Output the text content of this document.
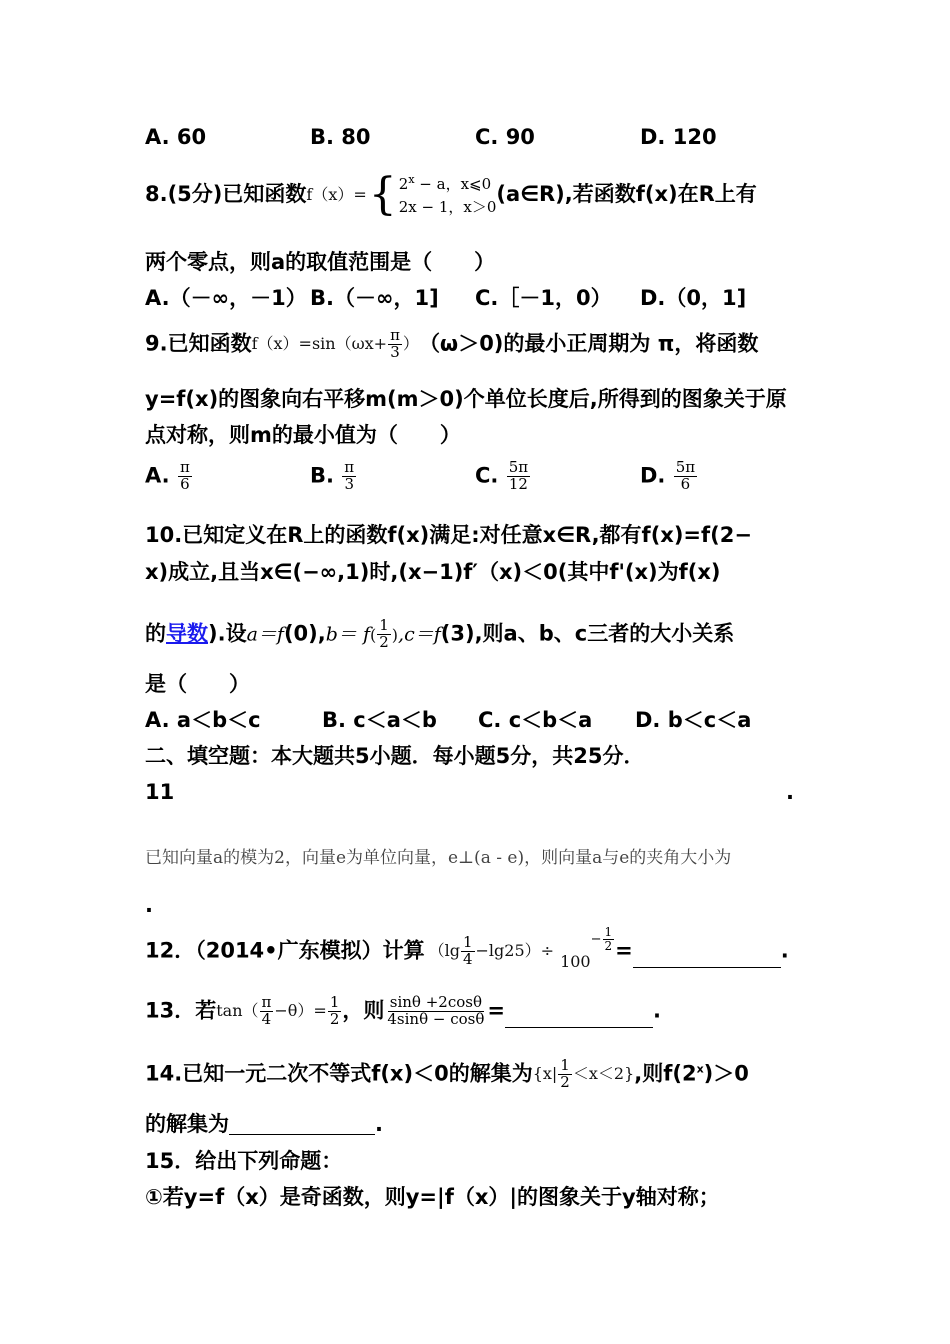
A. 60	B. 80	C. 90	D. 120
8.(5分)已知函数f（x）={ $2^x - a$，x⩽0
2x − 1，x＞0
(a∈R),若函数f(x)在R上有
两个零点，则a的取值范围是（　　）
A.（－∞，－1） B.（－∞，1] C.［－1，0） D.（0，1]
9.已知函数$f(x)=\sin(\omega x+ \frac{\pi}{3} )(\omega>0)$的最小正周期为 π，将函数
y=f(x)的图象向右平移m(m＞0)个单位长度后,所得到的图象关于原
点对称，则m的最小值为（　　）
A. $\frac{\pi}{6}$	B. $\frac{\pi}{3}$	C. $\frac{5\pi}{12}$	D. $\frac{5\pi}{6}$
10.已知定义在R上的函数f(x)满足:对任意x∈R,都有f(x)=f(2−
x)成立,且当x∈(−∞,1)时,(x−1)f′（x)＜0(其中f'(x)为f(x)
的导数).设$a=f(0),b= f( \frac{1}{2} ),c=f(3)$,则a、b、c三者的大小关系
是（　　）
A. a＜b＜c	B. c＜a＜b C. c＜b＜a D. b＜c＜a
二、填空题：本大题共5小题．每小题5分，共25分．
11	.
已知向量a的模为2，向量e为单位向量，e⊥(a - e)，则向量a与e的夹角大小为
.
12．（2014•广东模拟）计算 $(\lg \frac{1}{4} -\lg 25)\div_{100}^{- \frac{1}{2}}$ =	.
13．若$\tan( \frac{\pi}{4} -\theta)= \frac{1}{2}$ ，则 $\frac{\sin\theta +2\cos\theta}{4\sin\theta - \cos\theta}$ =	.
14.已知一元二次不等式f(x)＜0的解集为$\{x| \frac{1}{2} <x<2\}$,则$f(2^x)>0$
的解集为	.
15．给出下列命题：
①若y=f（x）是奇函数，则y=|f（x）|的图象关于y轴对称；
